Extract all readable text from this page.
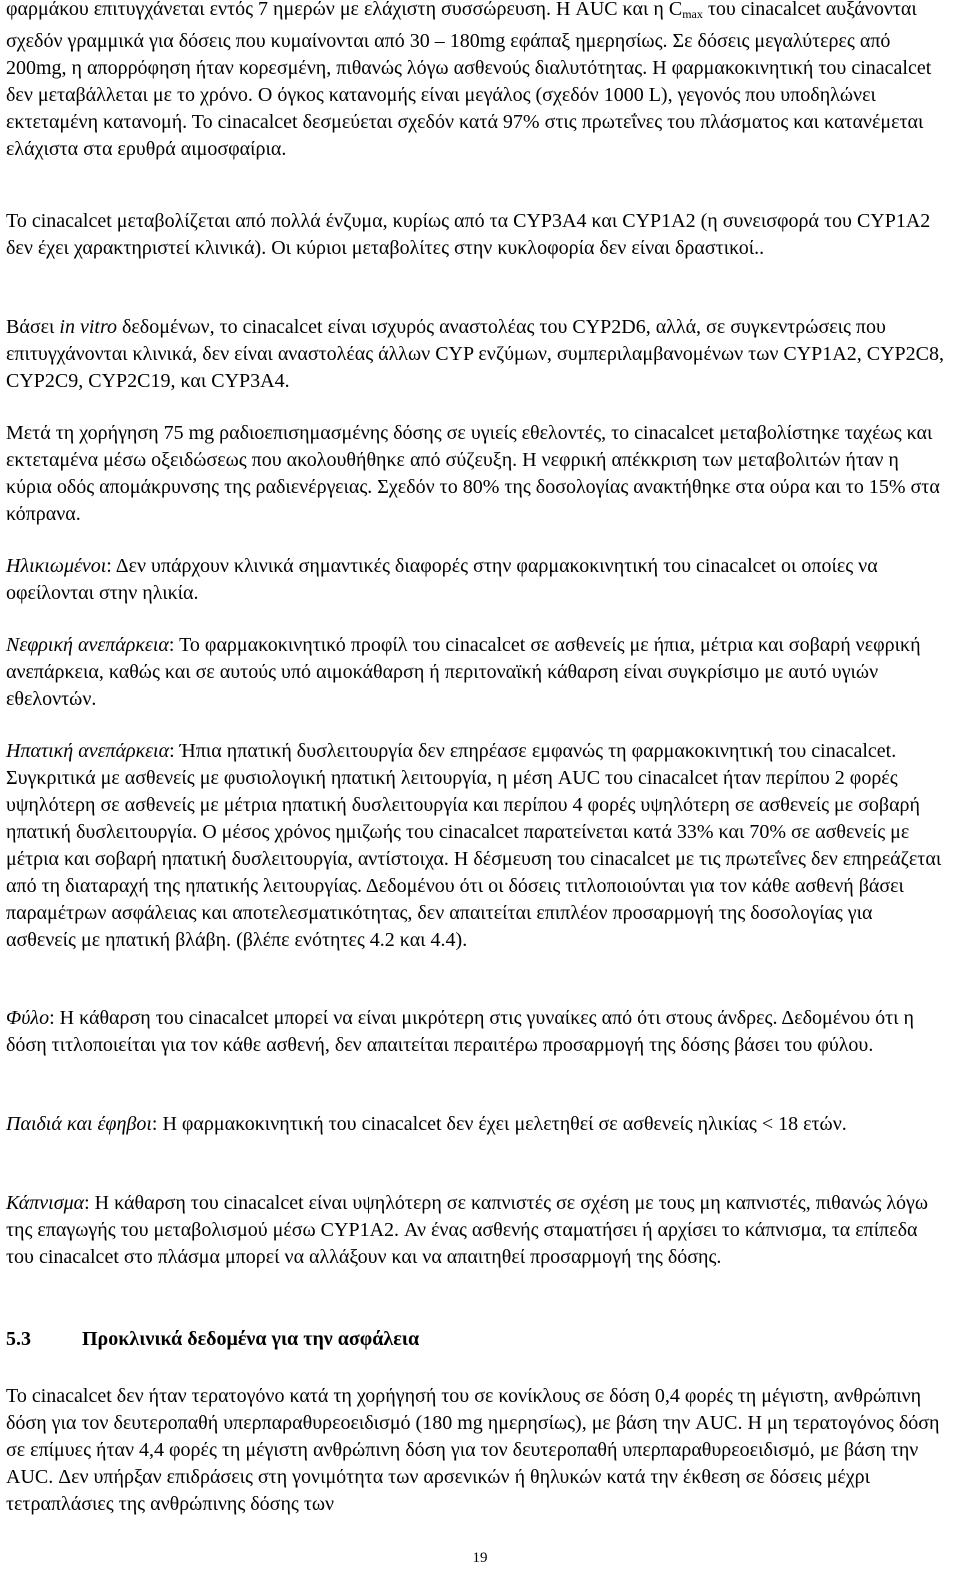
φαρμάκου επιτυγχάνεται εντός 7 ημερών με ελάχιστη συσσώρευση. Η AUC και η $C_{max}$ του cinacalcet αυξάνονται σχεδόν γραμμικά για δόσεις που κυμαίνονται από 30 – 180mg εφάπαξ ημερησίως. Σε δόσεις μεγαλύτερες από 200mg, η απορρόφηση ήταν κορεσμένη, πιθανώς λόγω ασθενούς διαλυτότητας. Η φαρμακοκινητική του cinacalcet δεν μεταβάλλεται με το χρόνο. Ο όγκος κατανομής είναι μεγάλος (σχεδόν 1000 L), γεγονός που υποδηλώνει εκτεταμένη κατανομή. Το cinacalcet δεσμεύεται σχεδόν κατά 97% στις πρωτεΐνες του πλάσματος και κατανέμεται ελάχιστα στα ερυθρά αιμοσφαίρια.

Το cinacalcet μεταβολίζεται από πολλά ένζυμα, κυρίως από τα CYP3A4 και CYP1A2 (η συνεισφορά του CYP1A2 δεν έχει χαρακτηριστεί κλινικά). Οι κύριοι μεταβολίτες στην κυκλοφορία δεν είναι δραστικοί..

Βάσει in vitro δεδομένων, το cinacalcet είναι ισχυρός αναστολέας του CYP2D6, αλλά, σε συγκεντρώσεις που επιτυγχάνονται κλινικά, δεν είναι αναστολέας άλλων CYP ενζύμων, συμπεριλαμβανομένων των CYP1A2, CYP2C8, CYP2C9, CYP2C19, και CYP3A4.

Μετά τη χορήγηση 75 mg ραδιοεπισημασμένης δόσης σε υγιείς εθελοντές, το cinacalcet μεταβολίστηκε ταχέως και εκτεταμένα μέσω οξειδώσεως που ακολουθήθηκε από σύζευξη. Η νεφρική απέκκριση των μεταβολιτών ήταν η κύρια οδός απομάκρυνσης της ραδιενέργειας. Σχεδόν το 80% της δοσολογίας ανακτήθηκε στα ούρα και το 15% στα κόπρανα.

Ηλικιωμένοι: Δεν υπάρχουν κλινικά σημαντικές διαφορές στην φαρμακοκινητική του cinacalcet οι οποίες να οφείλονται στην ηλικία.

Νεφρική ανεπάρκεια: Το φαρμακοκινητικό προφίλ του cinacalcet σε ασθενείς με ήπια, μέτρια και σοβαρή νεφρική ανεπάρκεια, καθώς και σε αυτούς υπό αιμοκάθαρση ή περιτοναϊκή κάθαρση είναι συγκρίσιμο με αυτό υγιών εθελοντών.

Ηπατική ανεπάρκεια: Ήπια ηπατική δυσλειτουργία δεν επηρέασε εμφανώς τη φαρμακοκινητική του cinacalcet. Συγκριτικά με ασθενείς με φυσιολογική ηπατική λειτουργία, η μέση AUC του cinacalcet ήταν περίπου 2 φορές υψηλότερη σε ασθενείς με μέτρια ηπατική δυσλειτουργία και περίπου 4 φορές υψηλότερη σε ασθενείς με σοβαρή ηπατική δυσλειτουργία. Ο μέσος χρόνος ημιζωής του cinacalcet παρατείνεται κατά 33% και 70% σε ασθενείς με μέτρια και σοβαρή ηπατική δυσλειτουργία, αντίστοιχα. Η δέσμευση του cinacalcet με τις πρωτεΐνες δεν επηρεάζεται από τη διαταραχή της ηπατικής λειτουργίας. Δεδομένου ότι οι δόσεις τιτλοποιούνται για τον κάθε ασθενή βάσει παραμέτρων ασφάλειας και αποτελεσματικότητας, δεν απαιτείται επιπλέον προσαρμογή της δοσολογίας για ασθενείς με ηπατική βλάβη. (βλέπε ενότητες 4.2 και 4.4).

Φύλο: Η κάθαρση του cinacalcet μπορεί να είναι μικρότερη στις γυναίκες από ότι στους άνδρες. Δεδομένου ότι η δόση τιτλοποιείται για τον κάθε ασθενή, δεν απαιτείται περαιτέρω προσαρμογή της δόσης βάσει του φύλου.

Παιδιά και έφηβοι: Η φαρμακοκινητική του cinacalcet δεν έχει μελετηθεί σε ασθενείς ηλικίας < 18 ετών.

Κάπνισμα: Η κάθαρση του cinacalcet είναι υψηλότερη σε καπνιστές σε σχέση με τους μη καπνιστές, πιθανώς λόγω της επαγωγής του μεταβολισμού μέσω CYP1A2. Αν ένας ασθενής σταματήσει ή αρχίσει το κάπνισμα, τα επίπεδα του cinacalcet στο πλάσμα μπορεί να αλλάξουν και να απαιτηθεί προσαρμογή της δόσης.

5.3	Προκλινικά δεδομένα για την ασφάλεια

Το cinacalcet δεν ήταν τερατογόνο κατά τη χορήγησή του σε κονίκλους σε δόση 0,4 φορές τη μέγιστη, ανθρώπινη δόση για τον δευτεροπαθή υπερπαραθυρεοειδισμό (180 mg ημερησίως), με βάση την AUC. Η μη τερατογόνος δόση σε επίμυες ήταν 4,4 φορές τη μέγιστη ανθρώπινη δόση για τον δευτεροπαθή υπερπαραθυρεοειδισμό, με βάση την AUC. Δεν υπήρξαν επιδράσεις στη γονιμότητα των αρσενικών ή θηλυκών κατά την έκθεση σε δόσεις μέχρι τετραπλάσιες της ανθρώπινης δόσης των

19
